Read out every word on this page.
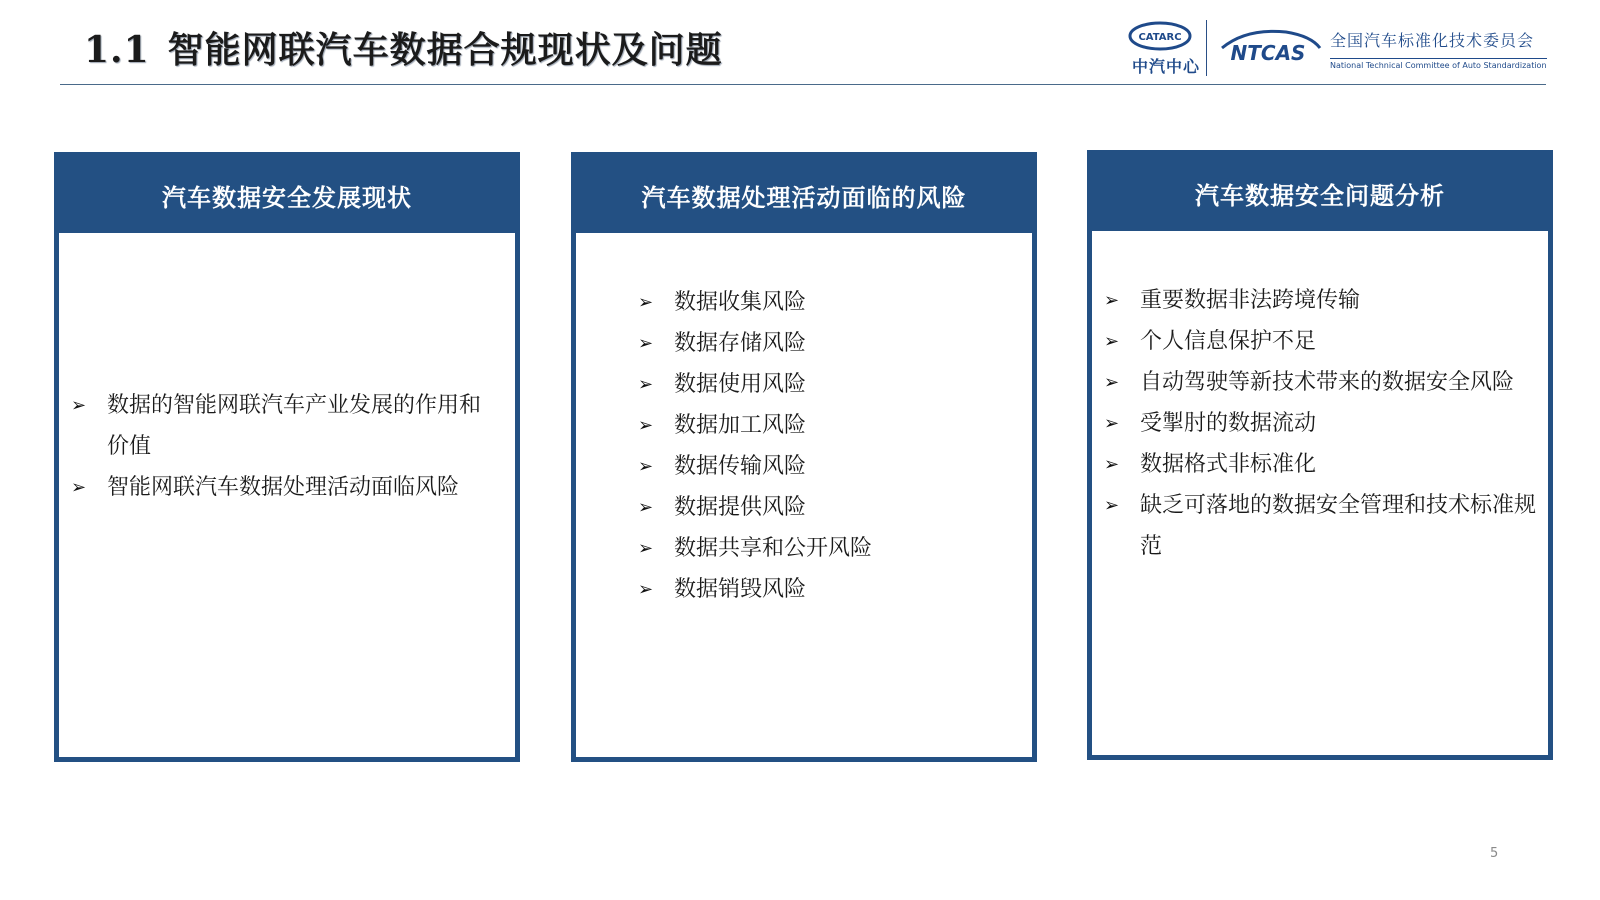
1.1 智能网联汽车数据合规现状及问题	CATARC
中汽中心
NTCAS
全国汽车标准化技术委员会
National Technical Committee of Auto Standardization
汽车数据安全发展现状
➢ 数据的智能网联汽车产业发展的作用和价值
➢ 智能网联汽车数据处理活动面临风险
汽车数据处理活动面临的风险
➢ 数据收集风险
➢ 数据存储风险
➢ 数据使用风险
➢ 数据加工风险
➢ 数据传输风险
➢ 数据提供风险
➢ 数据共享和公开风险
➢ 数据销毁风险
汽车数据安全问题分析
➢ 重要数据非法跨境传输
➢ 个人信息保护不足
➢ 自动驾驶等新技术带来的数据安全风险
➢ 受掣肘的数据流动
➢ 数据格式非标准化
➢ 缺乏可落地的数据安全管理和技术标准规范
5
